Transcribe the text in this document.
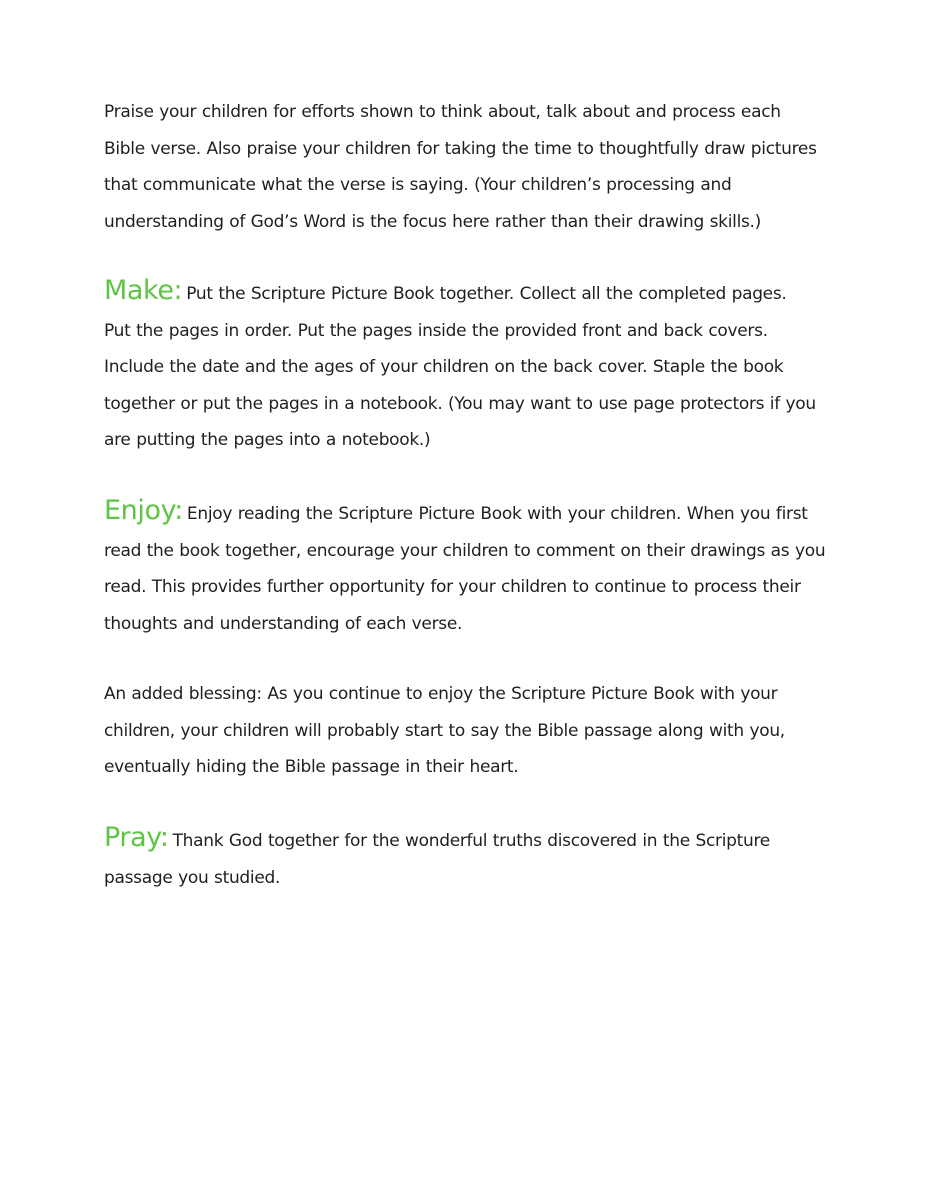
Praise your children for efforts shown to think about, talk about and process each
Bible verse. Also praise your children for taking the time to thoughtfully draw pictures
that communicate what the verse is saying. (Your children’s processing and
understanding of God’s Word is the focus here rather than their drawing skills.)

Make: Put the Scripture Picture Book together. Collect all the completed pages.
Put the pages in order. Put the pages inside the provided front and back covers.
Include the date and the ages of your children on the back cover. Staple the book
together or put the pages in a notebook. (You may want to use page protectors if you
are putting the pages into a notebook.)

Enjoy: Enjoy reading the Scripture Picture Book with your children. When you first
read the book together, encourage your children to comment on their drawings as you
read. This provides further opportunity for your children to continue to process their
thoughts and understanding of each verse.

An added blessing: As you continue to enjoy the Scripture Picture Book with your
children, your children will probably start to say the Bible passage along with you,
eventually hiding the Bible passage in their heart.

Pray: Thank God together for the wonderful truths discovered in the Scripture
passage you studied.
